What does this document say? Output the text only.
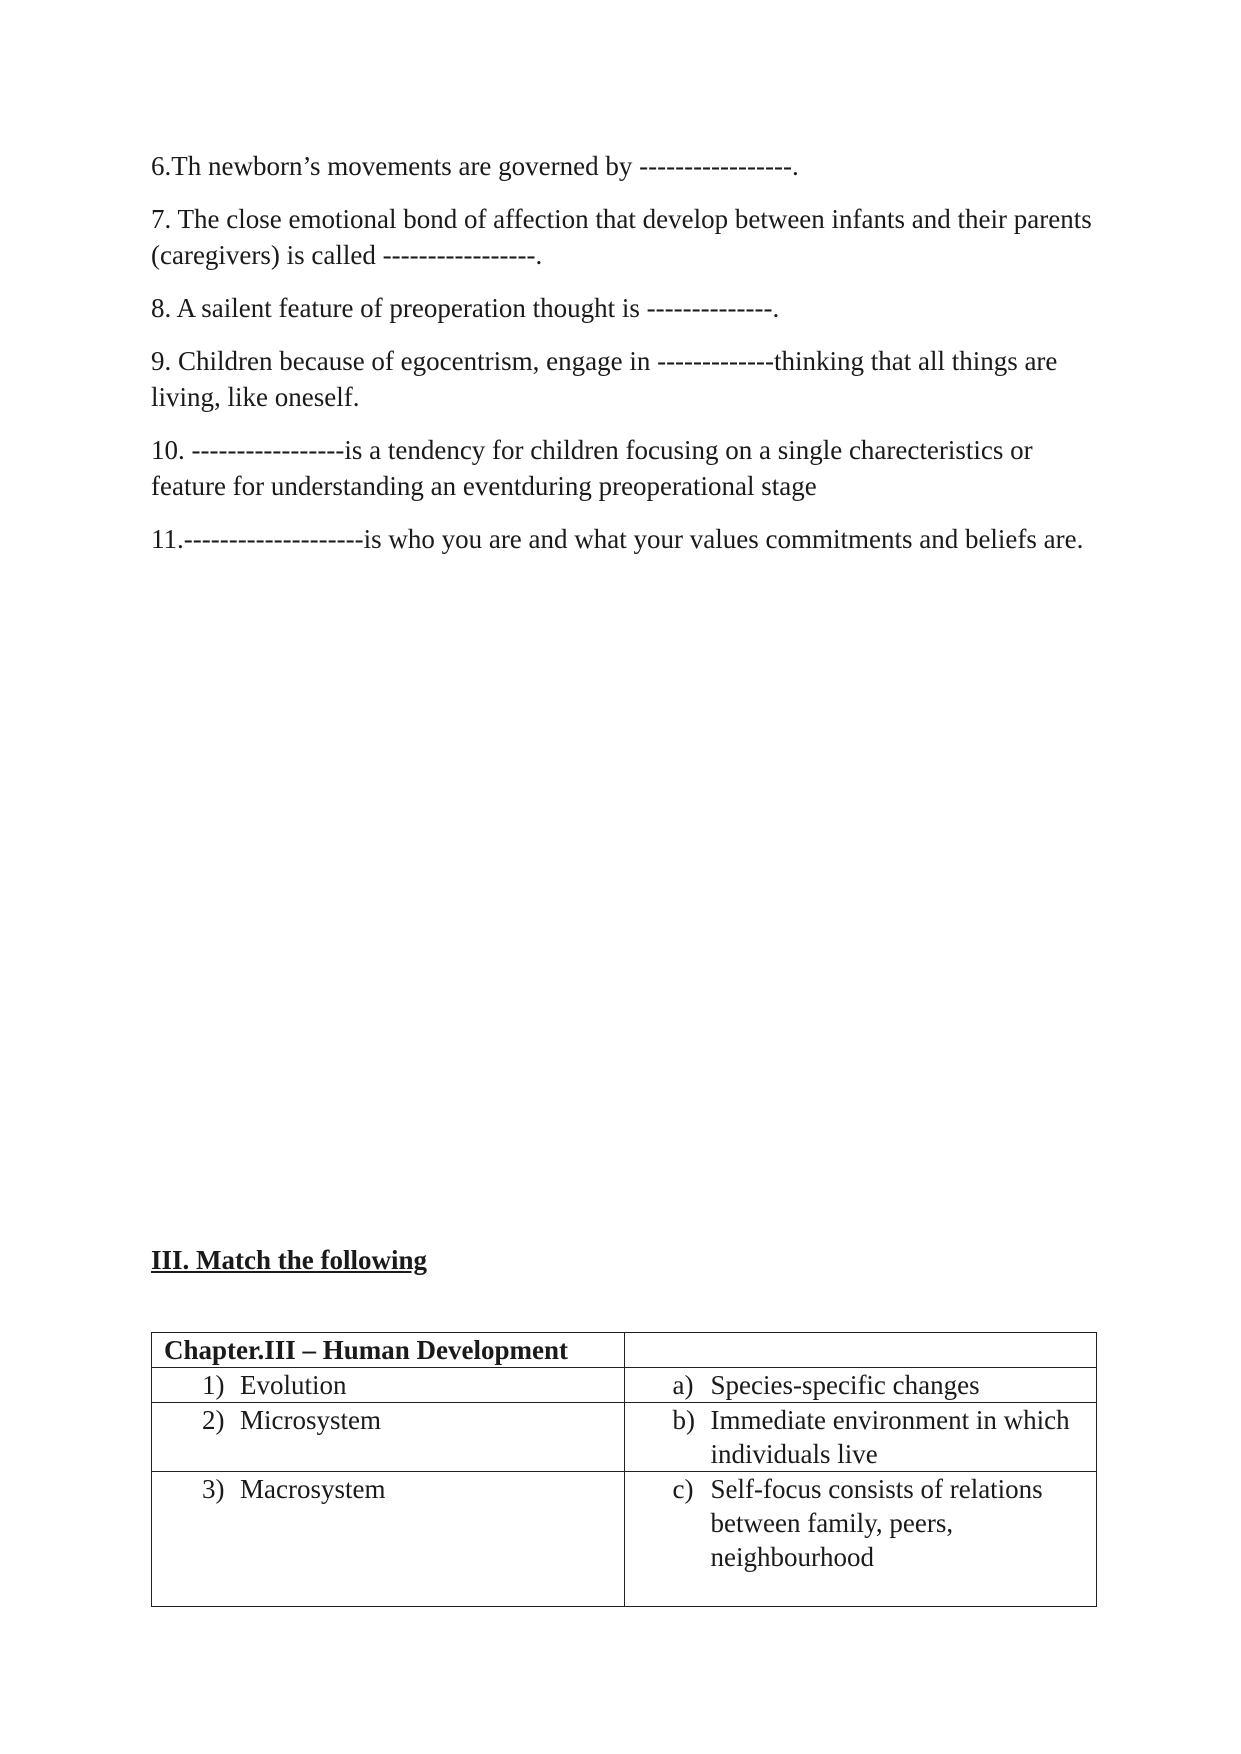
6.Th newborn’s movements are governed by -----------------.

7. The close emotional bond of affection that develop between infants and their parents (caregivers) is called -----------------.

8. A sailent feature of preoperation thought is --------------.

9. Children because of egocentrism, engage in -------------thinking that all things are living, like oneself.

10. -----------------is a tendency for children focusing on a single charecteristics or feature for understanding an eventduring preoperational stage

11.--------------------is who you are and what your values commitments and beliefs are.

III. Match the following
Chapter.III – Human Development	

1) Evolution	a) Species-specific changes

2) Microsystem	b) Immediate environment in which individuals live

3) Macrosystem	c) Self-focus consists of relations between family, peers, neighbourhood
